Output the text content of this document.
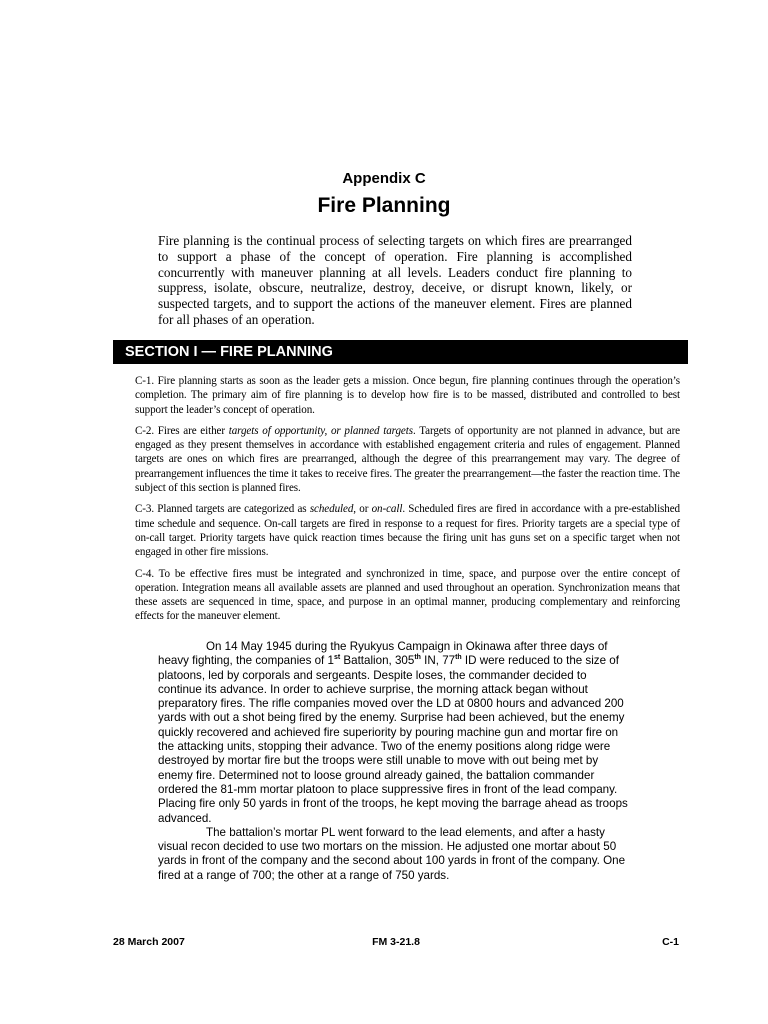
Appendix C
Fire Planning

Fire planning is the continual process of selecting targets on which fires are prearranged to support a phase of the concept of operation. Fire planning is accomplished concurrently with maneuver planning at all levels. Leaders conduct fire planning to suppress, isolate, obscure, neutralize, destroy, deceive, or disrupt known, likely, or suspected targets, and to support the actions of the maneuver element. Fires are planned for all phases of an operation.

SECTION I — FIRE PLANNING

C-1. Fire planning starts as soon as the leader gets a mission. Once begun, fire planning continues through the operation’s completion. The primary aim of fire planning is to develop how fire is to be massed, distributed and controlled to best support the leader’s concept of operation.

C-2. Fires are either targets of opportunity, or planned targets. Targets of opportunity are not planned in advance, but are engaged as they present themselves in accordance with established engagement criteria and rules of engagement. Planned targets are ones on which fires are prearranged, although the degree of this prearrangement may vary. The degree of prearrangement influences the time it takes to receive fires. The greater the prearrangement—the faster the reaction time. The subject of this section is planned fires.

C-3. Planned targets are categorized as scheduled, or on-call. Scheduled fires are fired in accordance with a pre-established time schedule and sequence. On-call targets are fired in response to a request for fires. Priority targets are a special type of on-call target. Priority targets have quick reaction times because the firing unit has guns set on a specific target when not engaged in other fire missions.

C-4. To be effective fires must be integrated and synchronized in time, space, and purpose over the entire concept of operation. Integration means all available assets are planned and used throughout an operation. Synchronization means that these assets are sequenced in time, space, and purpose in an optimal manner, producing complementary and reinforcing effects for the maneuver element.

On 14 May 1945 during the Ryukyus Campaign in Okinawa after three days of heavy fighting, the companies of 1st Battalion, 305th IN, 77th ID were reduced to the size of platoons, led by corporals and sergeants. Despite loses, the commander decided to continue its advance. In order to achieve surprise, the morning attack began without preparatory fires. The rifle companies moved over the LD at 0800 hours and advanced 200 yards with out a shot being fired by the enemy. Surprise had been achieved, but the enemy quickly recovered and achieved fire superiority by pouring machine gun and mortar fire on the attacking units, stopping their advance. Two of the enemy positions along ridge were destroyed by mortar fire but the troops were still unable to move with out being met by enemy fire. Determined not to loose ground already gained, the battalion commander ordered the 81-mm mortar platoon to place suppressive fires in front of the lead company. Placing fire only 50 yards in front of the troops, he kept moving the barrage ahead as troops advanced.

The battalion’s mortar PL went forward to the lead elements, and after a hasty visual recon decided to use two mortars on the mission. He adjusted one mortar about 50 yards in front of the company and the second about 100 yards in front of the company. One fired at a range of 700; the other at a range of 750 yards.

28 March 2007	FM 3-21.8	C-1
